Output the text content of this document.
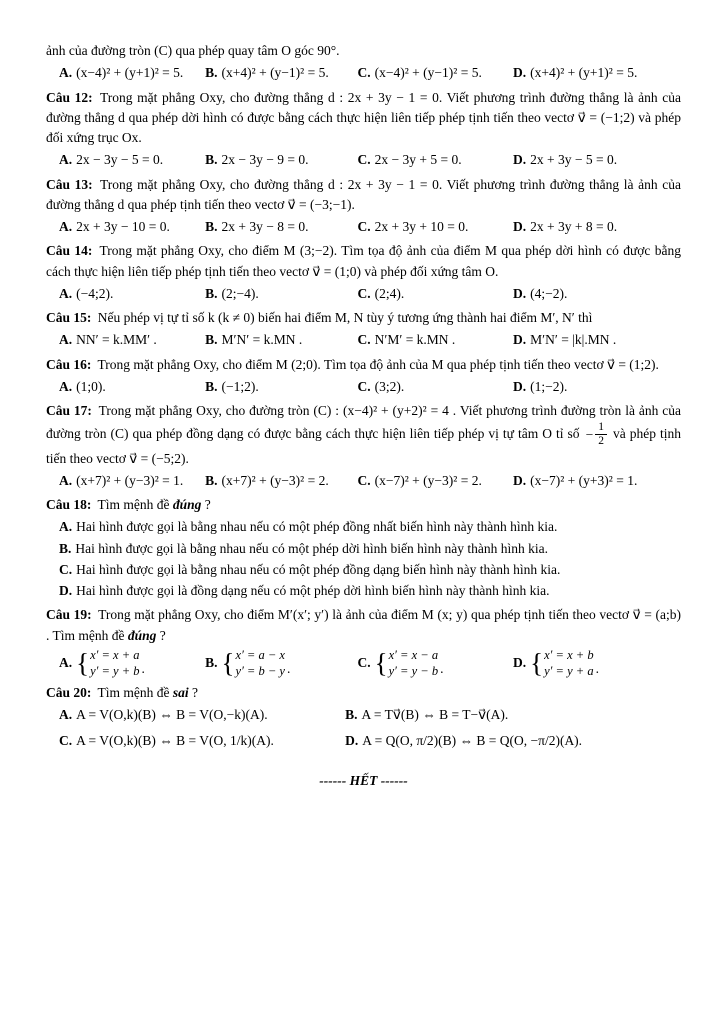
ảnh của đường tròn (C) qua phép quay tâm O góc 90°.

A. (x−4)² + (y+1)² = 5.	B. (x+4)² + (y−1)² = 5.	C. (x−4)² + (y−1)² = 5.	D. (x+4)² + (y+1)² = 5.

Câu 12: Trong mặt phẳng Oxy, cho đường thẳng d : 2x + 3y − 1 = 0. Viết phương trình đường thẳng là ảnh của đường thẳng d qua phép dời hình có được bằng cách thực hiện liên tiếp phép tịnh tiến theo vectơ v⃗ = (−1;2) và phép đối xứng trục Ox.

A. 2x − 3y − 5 = 0.	B. 2x − 3y − 9 = 0.	C. 2x − 3y + 5 = 0.	D. 2x + 3y − 5 = 0.

Câu 13: Trong mặt phẳng Oxy, cho đường thẳng d : 2x + 3y − 1 = 0. Viết phương trình đường thẳng là ảnh của đường thẳng d qua phép tịnh tiến theo vectơ v⃗ = (−3;−1).

A. 2x + 3y − 10 = 0.	B. 2x + 3y − 8 = 0.	C. 2x + 3y + 10 = 0.	D. 2x + 3y + 8 = 0.

Câu 14: Trong mặt phẳng Oxy, cho điểm M (3;−2). Tìm tọa độ ảnh của điểm M qua phép dời hình có được bằng cách thực hiện liên tiếp phép tịnh tiến theo vectơ v⃗ = (1;0) và phép đối xứng tâm O.

A. (−4;2).	B. (2;−4).	C. (2;4).	D. (4;−2).

Câu 15: Nếu phép vị tự tỉ số k (k ≠ 0) biến hai điểm M, N tùy ý tương ứng thành hai điểm M′, N′ thì

A. NN′ = k.MM′ .	B. M′N′ = k.MN .	C. N′M′ = k.MN .	D. M′N′ = |k|.MN .

Câu 16: Trong mặt phẳng Oxy, cho điểm M (2;0). Tìm tọa độ ảnh của M qua phép tịnh tiến theo vectơ v⃗ = (1;2).

A. (1;0).	B. (−1;2).	C. (3;2).	D. (1;−2).

Câu 17: Trong mặt phẳng Oxy, cho đường tròn (C) : (x−4)² + (y+2)² = 4 . Viết phương trình đường tròn là ảnh của đường tròn (C) qua phép đồng dạng có được bằng cách thực hiện liên tiếp phép vị tự tâm O tỉ số − $\frac{1}{2}$ và phép tịnh tiến theo vectơ v⃗ = (−5;2).

A. (x+7)² + (y−3)² = 1.	B. (x+7)² + (y−3)² = 2.	C. (x−7)² + (y−3)² = 2.	D. (x−7)² + (y+3)² = 1.

Câu 18: Tìm mệnh đề đúng ?

A. Hai hình được gọi là bằng nhau nếu có một phép đồng nhất biến hình này thành hình kia.
B. Hai hình được gọi là bằng nhau nếu có một phép dời hình biến hình này thành hình kia.
C. Hai hình được gọi là bằng nhau nếu có một phép đồng dạng biến hình này thành hình kia.
D. Hai hình được gọi là đồng dạng nếu có một phép dời hình biến hình này thành hình kia.

Câu 19: Trong mặt phẳng Oxy, cho điểm M′(x′; y′) là ảnh của điểm M (x; y) qua phép tịnh tiến theo vectơ v⃗ = (a;b) . Tìm mệnh đề đúng ?

A. { x′ = x + a
y′ = y + b .	B. { x′ = a − x
y′ = b − y .	C. { x′ = x − a
y′ = y − b .	D. { x′ = x + b
y′ = y + a .

Câu 20: Tìm mệnh đề sai ?

A. A = V(O,k)(B) ⇔ B = V(O,−k)(A).	B. A = Tv⃗(B) ⇔ B = T−v⃗(A).
C. A = V(O,k)(B) ⇔ B = V(O, 1/k)(A).	D. A = Q(O, π/2)(B) ⇔ B = Q(O, −π/2)(A).

------ HẾT ------
